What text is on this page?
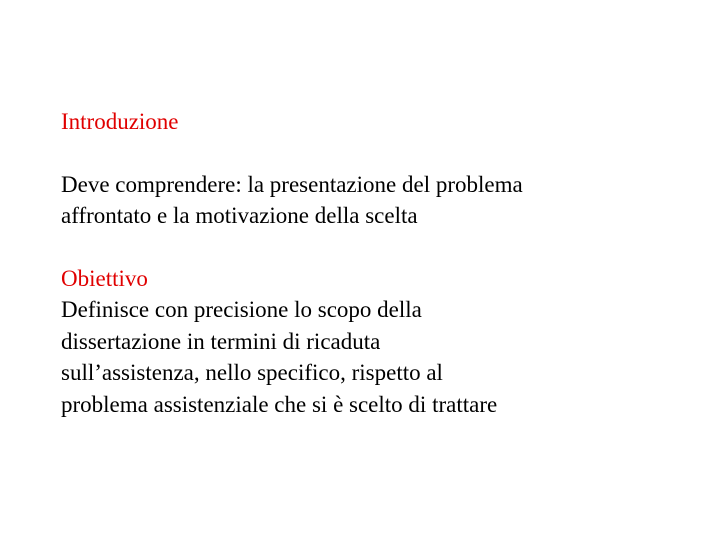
Introduzione
Deve comprendere: la presentazione del problema
affrontato e la motivazione della scelta
Obiettivo
Definisce con precisione lo scopo della
dissertazione in termini di ricaduta
sull’assistenza, nello specifico, rispetto al
problema assistenziale che si è scelto di trattare
